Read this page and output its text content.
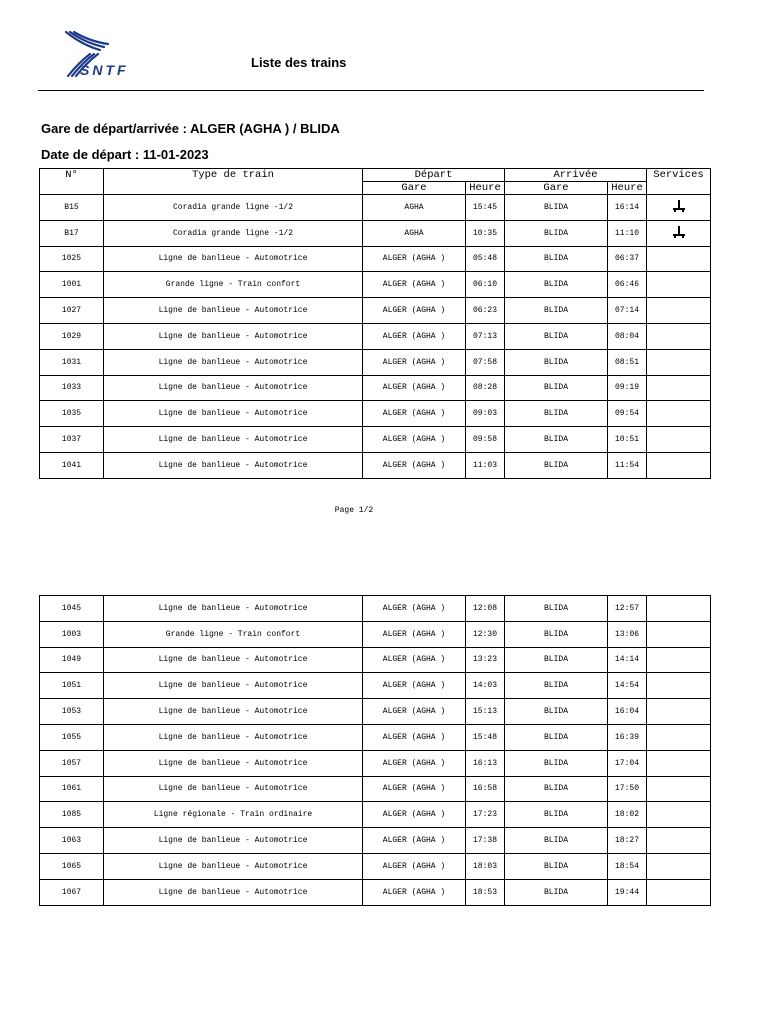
SNTF	Liste des trains
Gare de départ/arrivée : ALGER (AGHA ) / BLIDA
Date de départ : 11-01-2023
N°	Type de train	Départ		Arrivée		Services
		Gare	Heure	Gare	Heure	
B15	Coradia grande ligne -1/2	AGHA	15:45	BLIDA	16:14	
B17	Coradia grande ligne -1/2	AGHA	10:35	BLIDA	11:10	
1025	Ligne de banlieue - Automotrice	ALGER (AGHA )	05:48	BLIDA	06:37	
1001	Grande ligne - Train confort	ALGER (AGHA )	06:10	BLIDA	06:46	
1027	Ligne de banlieue - Automotrice	ALGER (AGHA )	06:23	BLIDA	07:14	
1029	Ligne de banlieue - Automotrice	ALGER (AGHA )	07:13	BLIDA	08:04	
1031	Ligne de banlieue - Automotrice	ALGER (AGHA )	07:58	BLIDA	08:51	
1033	Ligne de banlieue - Automotrice	ALGER (AGHA )	08:28	BLIDA	09:19	
1035	Ligne de banlieue - Automotrice	ALGER (AGHA )	09:03	BLIDA	09:54	
1037	Ligne de banlieue - Automotrice	ALGER (AGHA )	09:58	BLIDA	10:51	
1041	Ligne de banlieue - Automotrice	ALGER (AGHA )	11:03	BLIDA	11:54	
Page 1/2
1045	Ligne de banlieue - Automotrice	ALGER (AGHA )	12:08	BLIDA	12:57	
1003	Grande ligne - Train confort	ALGER (AGHA )	12:30	BLIDA	13:06	
1049	Ligne de banlieue - Automotrice	ALGER (AGHA )	13:23	BLIDA	14:14	
1051	Ligne de banlieue - Automotrice	ALGER (AGHA )	14:03	BLIDA	14:54	
1053	Ligne de banlieue - Automotrice	ALGER (AGHA )	15:13	BLIDA	16:04	
1055	Ligne de banlieue - Automotrice	ALGER (AGHA )	15:48	BLIDA	16:39	
1057	Ligne de banlieue - Automotrice	ALGER (AGHA )	16:13	BLIDA	17:04	
1061	Ligne de banlieue - Automotrice	ALGER (AGHA )	16:58	BLIDA	17:50	
1085	Ligne régionale - Train ordinaire	ALGER (AGHA )	17:23	BLIDA	18:02	
1063	Ligne de banlieue - Automotrice	ALGER (AGHA )	17:38	BLIDA	18:27	
1065	Ligne de banlieue - Automotrice	ALGER (AGHA )	18:03	BLIDA	18:54	
1067	Ligne de banlieue - Automotrice	ALGER (AGHA )	18:53	BLIDA	19:44	
